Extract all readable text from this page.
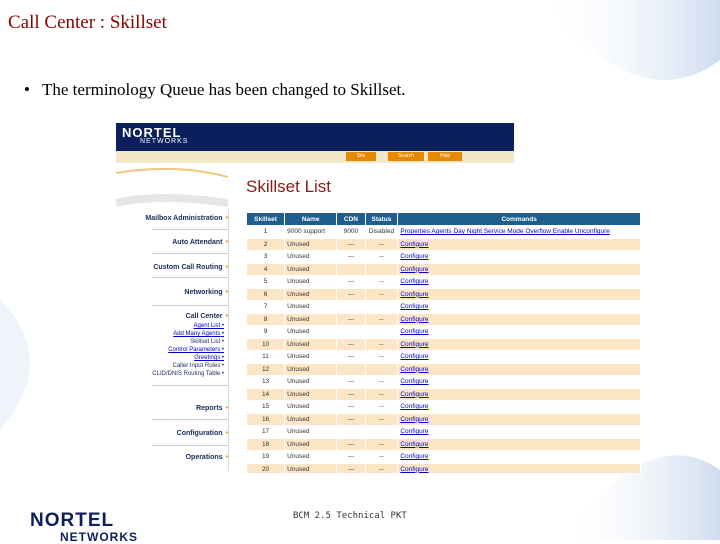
Call Center : Skillset
• The terminology Queue has been changed to Skillset.
NORTEL
NETWORKS
Site	Search	Help
Skillset List
Mailbox Administration •
Auto Attendant •
Custom Call Routing •
Networking •
Call Center •
Agent List •
Add Many Agents •
Skillset List •
Control Parameters •
Greetings •
Caller Input Rules •
CLID/DNIS Routing Table •
Reports •
Configuration •
Operations •
Skillset	Name	CDN	Status	Commands
1	9000 support	9000	Disabled	Properties Agents Day Night Service Mode Overflow Enable Unconfigure
2	Unused	---	--	Configure
3	Unused	---	--	Configure
4	Unused			Configure
5	Unused	---	--	Configure
6	Unused	---	--	Configure
7	Unused			Configure
8	Unused	---	--	Configure
9	Unused			Configure
10	Unused	---	--	Configure
11	Unused	---	--	Configure
12	Unused			Configure
13	Unused	---	--	Configure
14	Unused	---	--	Configure
15	Unused	---	--	Configure
16	Unused	---	--	Configure
17	Unused			Configure
18	Unused	---	--	Configure
19	Unused	---	--	Configure
20	Unused	---	--	Configure
NORTEL
NETWORKS
BCM 2.5 Technical PKT
